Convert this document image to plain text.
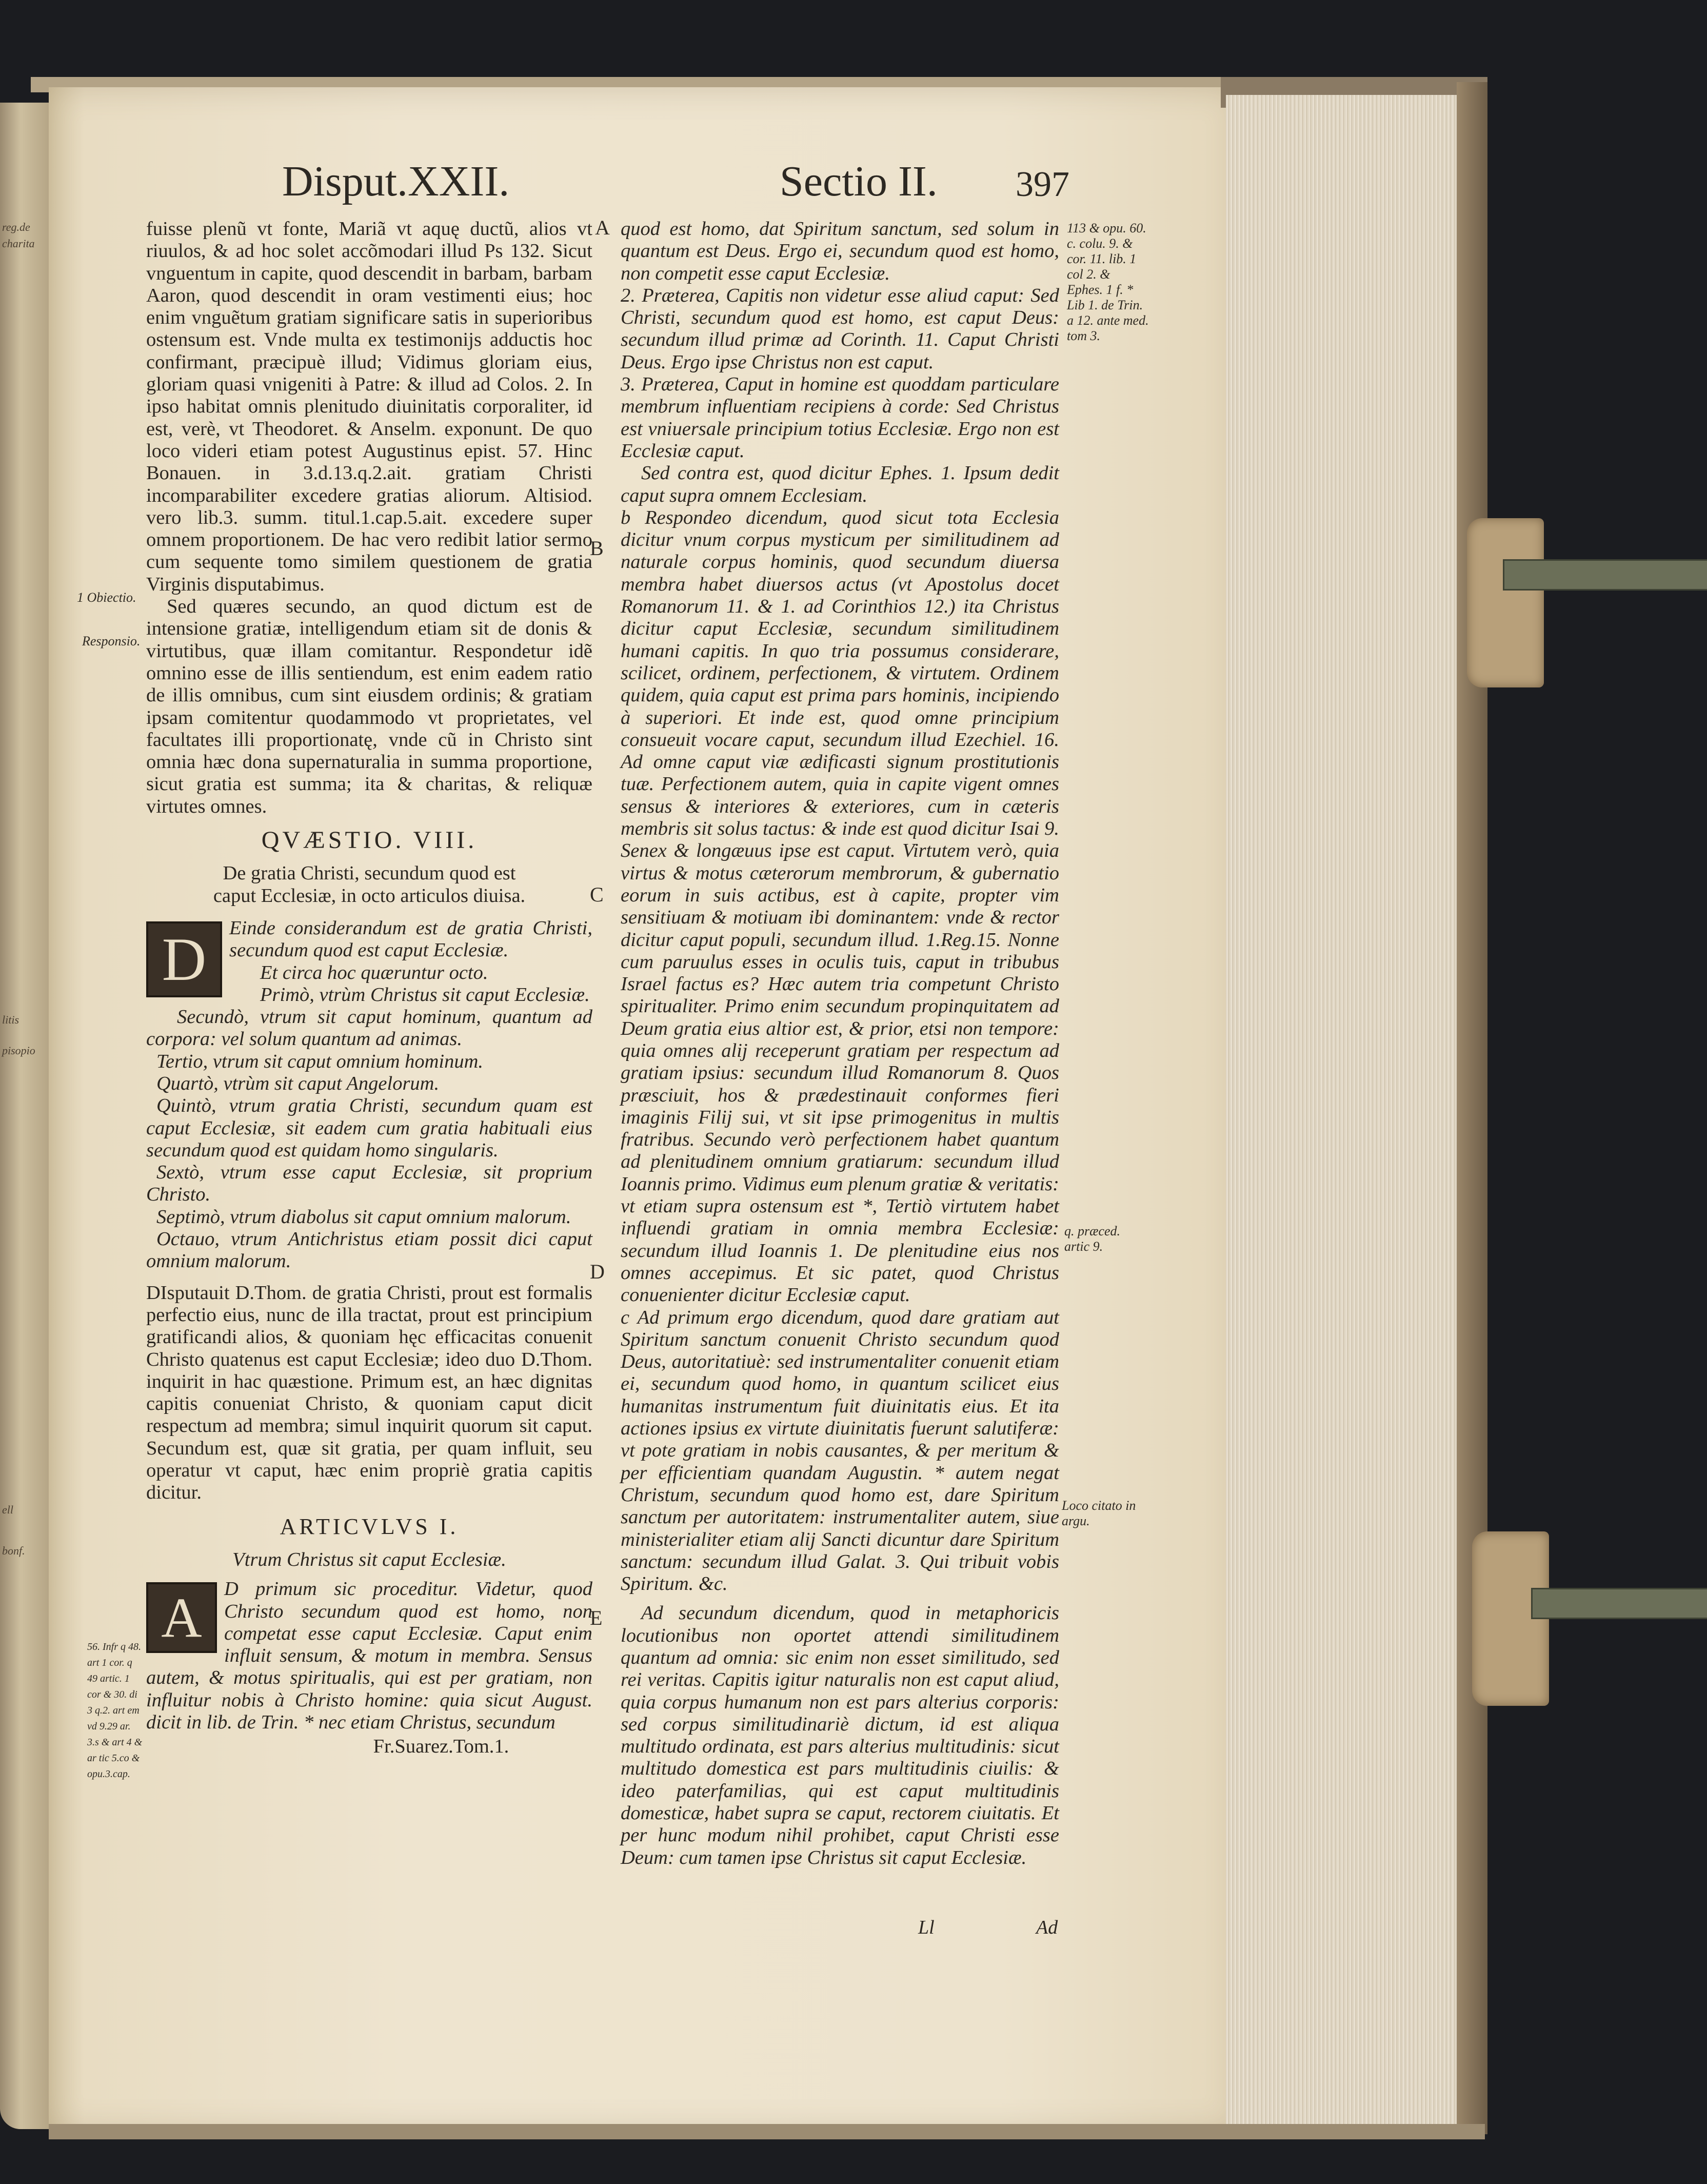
reg.de
charita
litis
pisopio
ell
bonf.
Disput.XXII.	Sectio II. 397
1 Obiectio.
Responsio.
56. Infr q 48. art 1 cor. q 49 artic. 1 cor & 30. di 3 q.2. art em vd 9.29 ar. 3.s & art 4 & ar tic 5.co & opu.3.cap.

fuisse plenũ vt fonte, Mariã vt aquę ductũ, alios vt riuulos, & ad hoc solet accõmodari illud Ps 132. Sicut vnguentum in capite, quod descendit in barbam, barbam Aaron, quod descendit in oram vestimenti eius; hoc enim vnguẽtum gratiam significare satis in superioribus ostensum est. Vnde multa ex testimonijs adductis hoc confirmant, præcipuè illud; Vidimus gloriam eius, gloriam quasi vnigeniti à Patre: & illud ad Colos. 2. In ipso habitat omnis plenitudo diuinitatis corporaliter, id est, verè, vt Theodoret. & Anselm. exponunt. De quo loco videri etiam potest Augustinus epist. 57. Hinc Bonauen. in 3.d.13.q.2.ait. gratiam Christi incomparabiliter excedere gratias aliorum. Altisiod. vero lib.3. summ. titul.1.cap.5.ait. excedere super omnem proportionem. De hac vero redibit latior sermo cum sequente tomo similem questionem de gratia Virginis disputabimus.

Sed quæres secundo, an quod dictum est de intensione gratiæ, intelligendum etiam sit de donis & virtutibus, quæ illam comitantur. Respondetur idẽ omnino esse de illis sentiendum, est enim eadem ratio de illis omnibus, cum sint eiusdem ordinis; & gratiam ipsam comitentur quodammodo vt proprietates, vel facultates illi proportionatę, vnde cũ in Christo sint omnia hæc dona supernaturalia in summa proportione, sicut gratia est summa; ita & charitas, & reliquæ virtutes omnes.

QVÆSTIO. VIII.

De gratia Christi, secundum quod est caput Ecclesiæ, in octo articulos diuisa.

D	Einde considerandum est de gratia Christi, secundum quod est caput Ecclesiæ.

Et circa hoc quæruntur octo.

Primò, vtrùm Christus sit caput Ecclesiæ.

Secundò, vtrum sit caput hominum, quantum ad corpora: vel solum quantum ad animas.

Tertio, vtrum sit caput omnium hominum.

Quartò, vtrùm sit caput Angelorum.

Quintò, vtrum gratia Christi, secundum quam est caput Ecclesiæ, sit eadem cum gratia habituali eius secundum quod est quidam homo singularis.

Sextò, vtrum esse caput Ecclesiæ, sit proprium Christo.

Septimò, vtrum diabolus sit caput omnium malorum.

Octauo, vtrum Antichristus etiam possit dici caput omnium malorum.

DIsputauit D.Thom. de gratia Christi, prout est formalis perfectio eius, nunc de illa tractat, prout est principium gratificandi alios, & quoniam hęc efficacitas conuenit Christo quatenus est caput Ecclesiæ; ideo duo D.Thom. inquirit in hac quæstione. Primum est, an hæc dignitas capitis conueniat Christo, & quoniam caput dicit respectum ad membra; simul inquirit quorum sit caput. Secundum est, quæ sit gratia, per quam influit, seu operatur vt caput, hæc enim propriè gratia capitis dicitur.

ARTICVLVS I.

Vtrum Christus sit caput Ecclesiæ.

A	D primum sic proceditur. Videtur, quod Christo secundum quod est homo, non competat esse caput Ecclesiæ. Caput enim influit sensum, & motum in membra. Sensus autem, & motus spiritualis, qui est per gratiam, non influitur nobis à Christo homine: quia sicut August. dicit in lib. de Trin. * nec etiam Christus, secundum

Fr.Suarez.Tom.1.

A
B
C
D
E

quod est homo, dat Spiritum sanctum, sed solum in quantum est Deus. Ergo ei, secundum quod est homo, non competit esse caput Ecclesiæ.

2. Præterea, Capitis non videtur esse aliud caput: Sed Christi, secundum quod est homo, est caput Deus: secundum illud primæ ad Corinth. 11. Caput Christi Deus. Ergo ipse Christus non est caput.

3. Præterea, Caput in homine est quoddam particulare membrum influentiam recipiens à corde: Sed Christus est vniuersale principium totius Ecclesiæ. Ergo non est Ecclesiæ caput.

Sed contra est, quod dicitur Ephes. 1. Ipsum dedit caput supra omnem Ecclesiam.

b Respondeo dicendum, quod sicut tota Ecclesia dicitur vnum corpus mysticum per similitudinem ad naturale corpus hominis, quod secundum diuersa membra habet diuersos actus (vt Apostolus docet Romanorum 11. & 1. ad Corinthios 12.) ita Christus dicitur caput Ecclesiæ, secundum similitudinem humani capitis. In quo tria possumus considerare, scilicet, ordinem, perfectionem, & virtutem. Ordinem quidem, quia caput est prima pars hominis, incipiendo à superiori. Et inde est, quod omne principium consueuit vocare caput, secundum illud Ezechiel. 16. Ad omne caput viæ ædificasti signum prostitutionis tuæ. Perfectionem autem, quia in capite vigent omnes sensus & interiores & exteriores, cum in cæteris membris sit solus tactus: & inde est quod dicitur Isai 9. Senex & longæuus ipse est caput. Virtutem verò, quia virtus & motus cæterorum membrorum, & gubernatio eorum in suis actibus, est à capite, propter vim sensitiuam & motiuam ibi dominantem: vnde & rector dicitur caput populi, secundum illud. 1.Reg.15. Nonne cum paruulus esses in oculis tuis, caput in tribubus Israel factus es? Hæc autem tria competunt Christo spiritualiter. Primo enim secundum propinquitatem ad Deum gratia eius altior est, & prior, etsi non tempore: quia omnes alij receperunt gratiam per respectum ad gratiam ipsius: secundum illud Romanorum 8. Quos præsciuit, hos & prædestinauit conformes fieri imaginis Filij sui, vt sit ipse primogenitus in multis fratribus. Secundo verò perfectionem habet quantum ad plenitudinem omnium gratiarum: secundum illud Ioannis primo. Vidimus eum plenum gratiæ & veritatis: vt etiam supra ostensum est *, Tertiò virtutem habet influendi gratiam in omnia membra Ecclesiæ: secundum illud Ioannis 1. De plenitudine eius nos omnes accepimus. Et sic patet, quod Christus conuenienter dicitur Ecclesiæ caput.

c Ad primum ergo dicendum, quod dare gratiam aut Spiritum sanctum conuenit Christo secundum quod Deus, autoritatiuè: sed instrumentaliter conuenit etiam ei, secundum quod homo, in quantum scilicet eius humanitas instrumentum fuit diuinitatis eius. Et ita actiones ipsius ex virtute diuinitatis fuerunt salutiferæ: vt pote gratiam in nobis causantes, & per meritum & per efficientiam quandam Augustin. * autem negat Christum, secundum quod homo est, dare Spiritum sanctum per autoritatem: instrumentaliter autem, siue ministerialiter etiam alij Sancti dicuntur dare Spiritum sanctum: secundum illud Galat. 3. Qui tribuit vobis Spiritum. &c.

Ad secundum dicendum, quod in metaphoricis locutionibus non oportet attendi similitudinem quantum ad omnia: sic enim non esset similitudo, sed rei veritas. Capitis igitur naturalis non est caput aliud, quia corpus humanum non est pars alterius corporis: sed corpus similitudinariè dictum, id est aliqua multitudo ordinata, est pars alterius multitudinis: sicut multitudo domestica est pars multitudinis ciuilis: & ideo paterfamilias, qui est caput multitudinis domesticæ, habet supra se caput, rectorem ciuitatis. Et per hunc modum nihil prohibet, caput Christi esse Deum: cum tamen ipse Christus sit caput Ecclesiæ.

Ll	Ad
113 & opu. 60. c. colu. 9. & cor. 11. lib. 1 col 2. & Ephes. 1 f. * Lib 1. de Trin. a 12. ante med. tom 3.
q. præced. artic 9.
Loco citato in argu.
